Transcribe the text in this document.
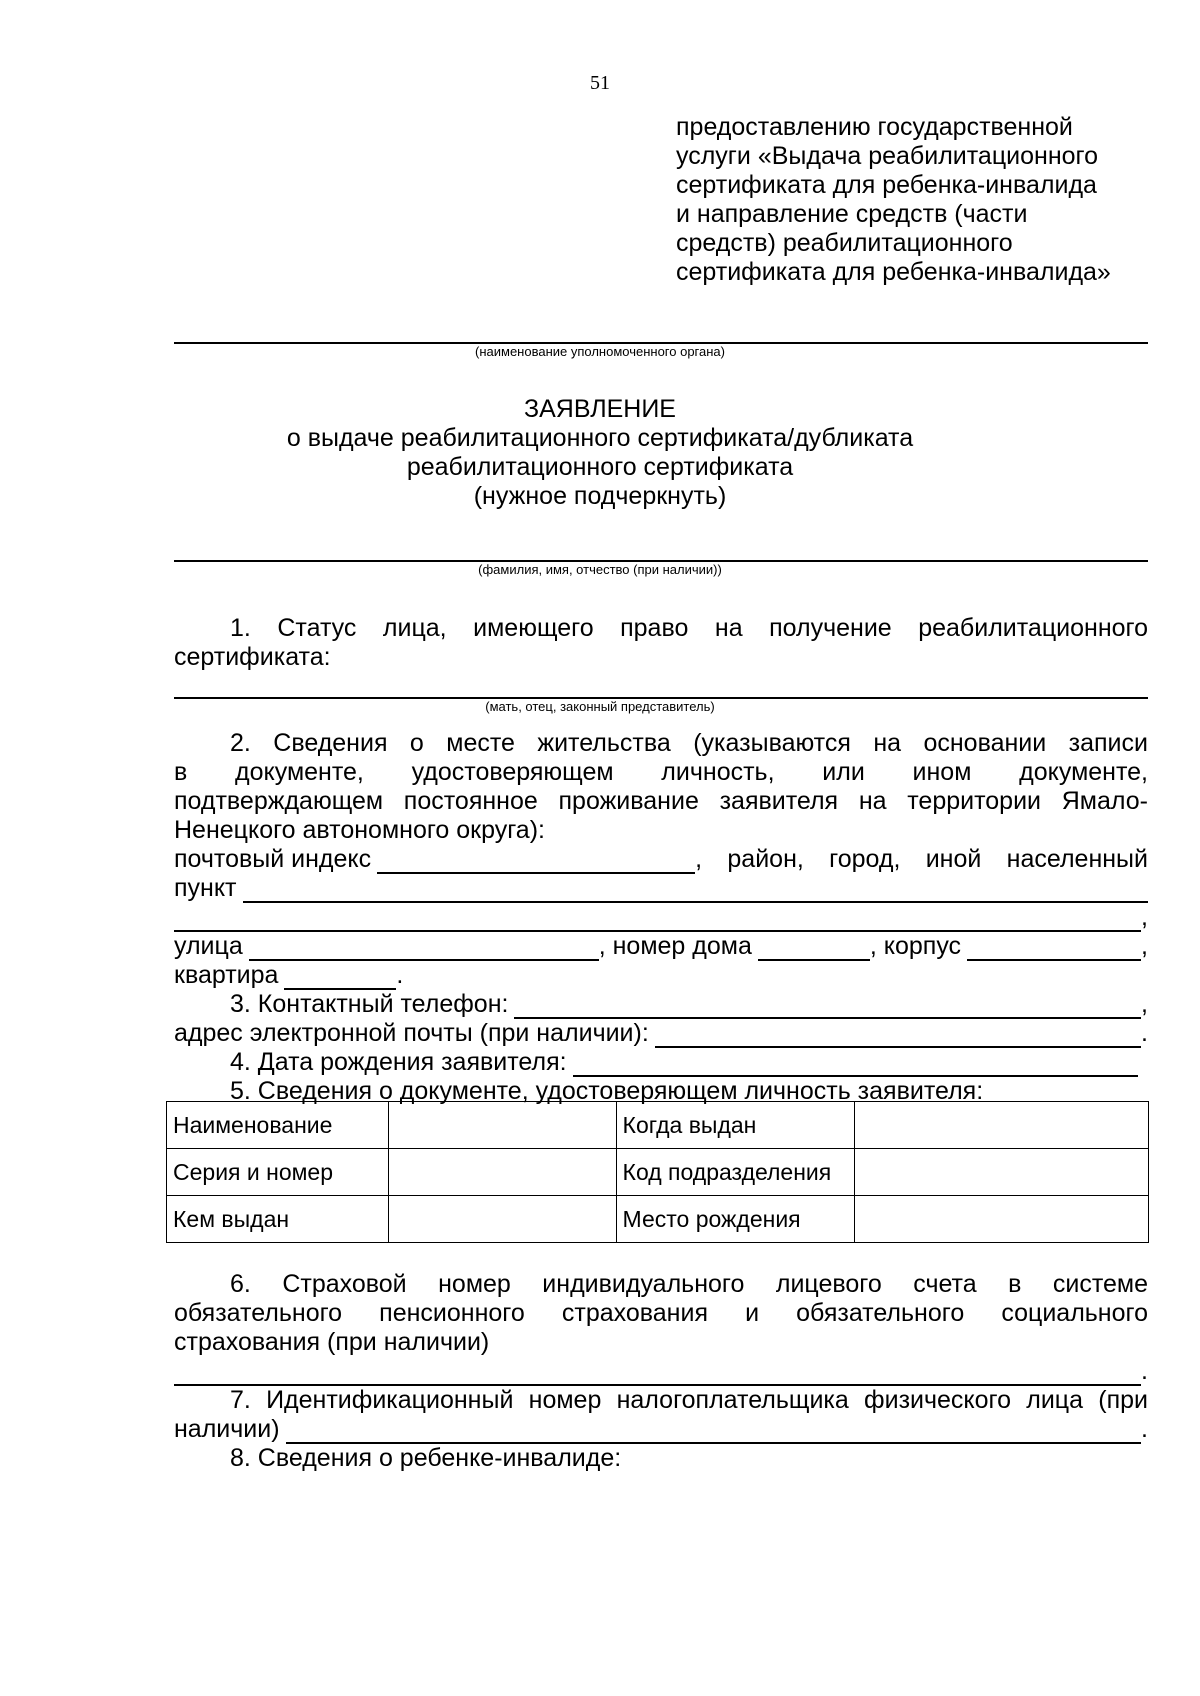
51
предоставлению государственной
услуги «Выдача реабилитационного
сертификата для ребенка-инвалида
и направление средств (части
средств) реабилитационного
сертификата для ребенка-инвалида»
(наименование уполномоченного органа)
ЗАЯВЛЕНИЕ
о выдаче реабилитационного сертификата/дубликата
реабилитационного сертификата
(нужное подчеркнуть)
(фамилия, имя, отчество (при наличии))
1. Статус лица, имеющего право на получение реабилитационного
сертификата:
(мать, отец, законный представитель)
2. Сведения о месте жительства (указываются на основании записи
в документе, удостоверяющем личность, или ином документе,
подтверждающем постоянное проживание заявителя на территории Ямало-
Ненецкого автономного округа):
почтовый индекс	, район, город, иной населенный
пункт
,
улица	, номер дома	, корпус	,
квартира	.
3. Контактный телефон:	,
адрес электронной почты (при наличии):	.
4. Дата рождения заявителя:
5. Сведения о документе, удостоверяющем личность заявителя:
Наименование		Когда выдан	
Серия и номер		Код подразделения	
Кем выдан		Место рождения	
6. Страховой номер индивидуального лицевого счета в системе
обязательного пенсионного страхования и обязательного социального
страхования (при наличии)
.
7. Идентификационный номер налогоплательщика физического лица (при
наличии)	.
8. Сведения о ребенке-инвалиде:
